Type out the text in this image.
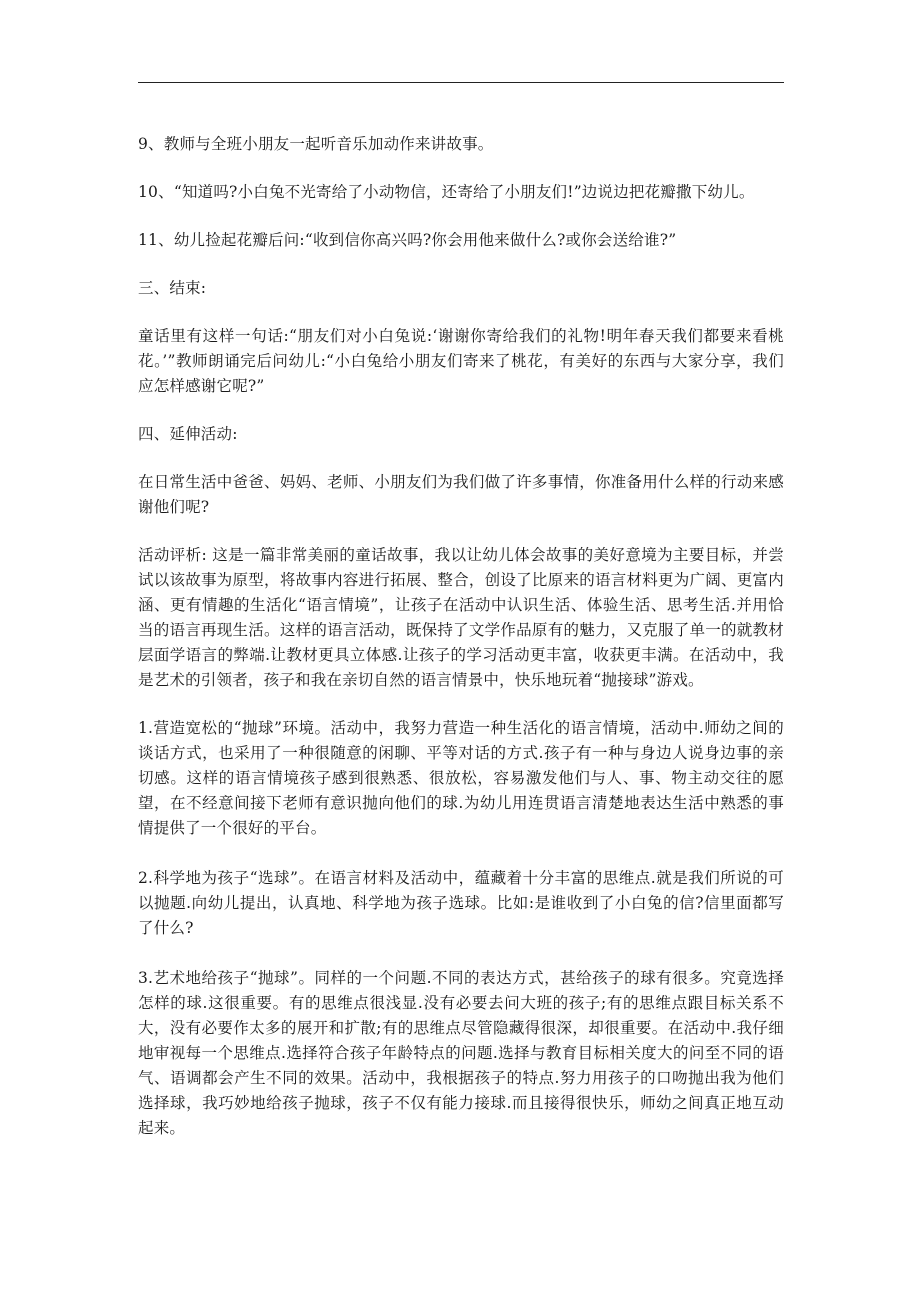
9、教师与全班小朋友一起听音乐加动作来讲故事。

10、“知道吗?小白兔不光寄给了小动物信，还寄给了小朋友们!”边说边把花瓣撒下幼儿。

11、幼儿捡起花瓣后问:“收到信你高兴吗?你会用他来做什么?或你会送给谁?”

三、结束:

童话里有这样一句话:“朋友们对小白兔说:‘谢谢你寄给我们的礼物!明年春天我们都要来看桃花。’”教师朗诵完后问幼儿:“小白兔给小朋友们寄来了桃花，有美好的东西与大家分享，我们应怎样感谢它呢?”

四、延伸活动:

在日常生活中爸爸、妈妈、老师、小朋友们为我们做了许多事情，你准备用什么样的行动来感谢他们呢?

活动评析: 这是一篇非常美丽的童话故事，我以让幼儿体会故事的美好意境为主要目标，并尝试以该故事为原型，将故事内容进行拓展、整合，创设了比原来的语言材料更为广阔、更富内涵、更有情趣的生活化“语言情境”，让孩子在活动中认识生活、体验生活、思考生活.并用恰当的语言再现生活。这样的语言活动，既保持了文学作品原有的魅力，又克服了单一的就教材层面学语言的弊端.让教材更具立体感.让孩子的学习活动更丰富，收获更丰满。在活动中，我是艺术的引领者，孩子和我在亲切自然的语言情景中，快乐地玩着“抛接球”游戏。

1.营造宽松的“抛球”环境。活动中，我努力营造一种生活化的语言情境，活动中.师幼之间的谈话方式，也采用了一种很随意的闲聊、平等对话的方式.孩子有一种与身边人说身边事的亲切感。这样的语言情境孩子感到很熟悉、很放松，容易激发他们与人、事、物主动交往的愿望，在不经意间接下老师有意识抛向他们的球.为幼儿用连贯语言清楚地表达生活中熟悉的事情提供了一个很好的平台。

2.科学地为孩子“选球”。在语言材料及活动中，蕴藏着十分丰富的思维点.就是我们所说的可以抛题.向幼儿提出，认真地、科学地为孩子选球。比如:是谁收到了小白兔的信?信里面都写了什么?

3.艺术地给孩子“抛球”。同样的一个问题.不同的表达方式，甚给孩子的球有很多。究竟选择怎样的球.这很重要。有的思维点很浅显.没有必要去问大班的孩子;有的思维点跟目标关系不大，没有必要作太多的展开和扩散;有的思维点尽管隐藏得很深，却很重要。在活动中.我仔细地审视每一个思维点.选择符合孩子年龄特点的问题.选择与教育目标相关度大的问至不同的语气、语调都会产生不同的效果。活动中，我根据孩子的特点.努力用孩子的口吻抛出我为他们选择球，我巧妙地给孩子抛球，孩子不仅有能力接球.而且接得很快乐，师幼之间真正地互动起来。
